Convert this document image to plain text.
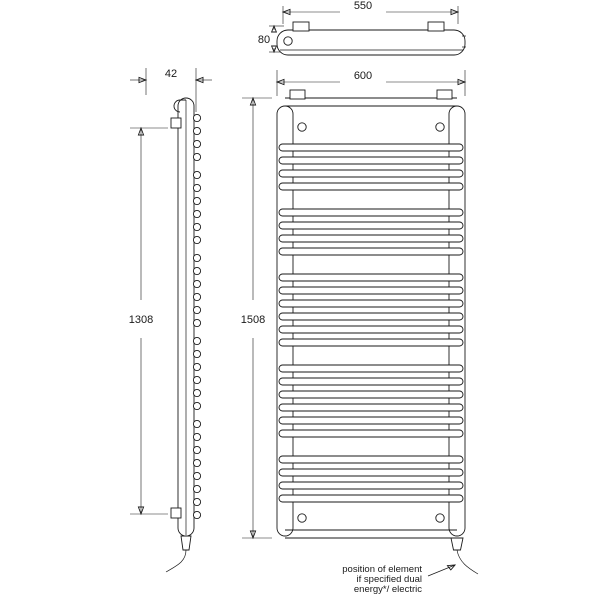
550
80
42
1308
600
1508
position of element
if specified dual
energy*/ electric
